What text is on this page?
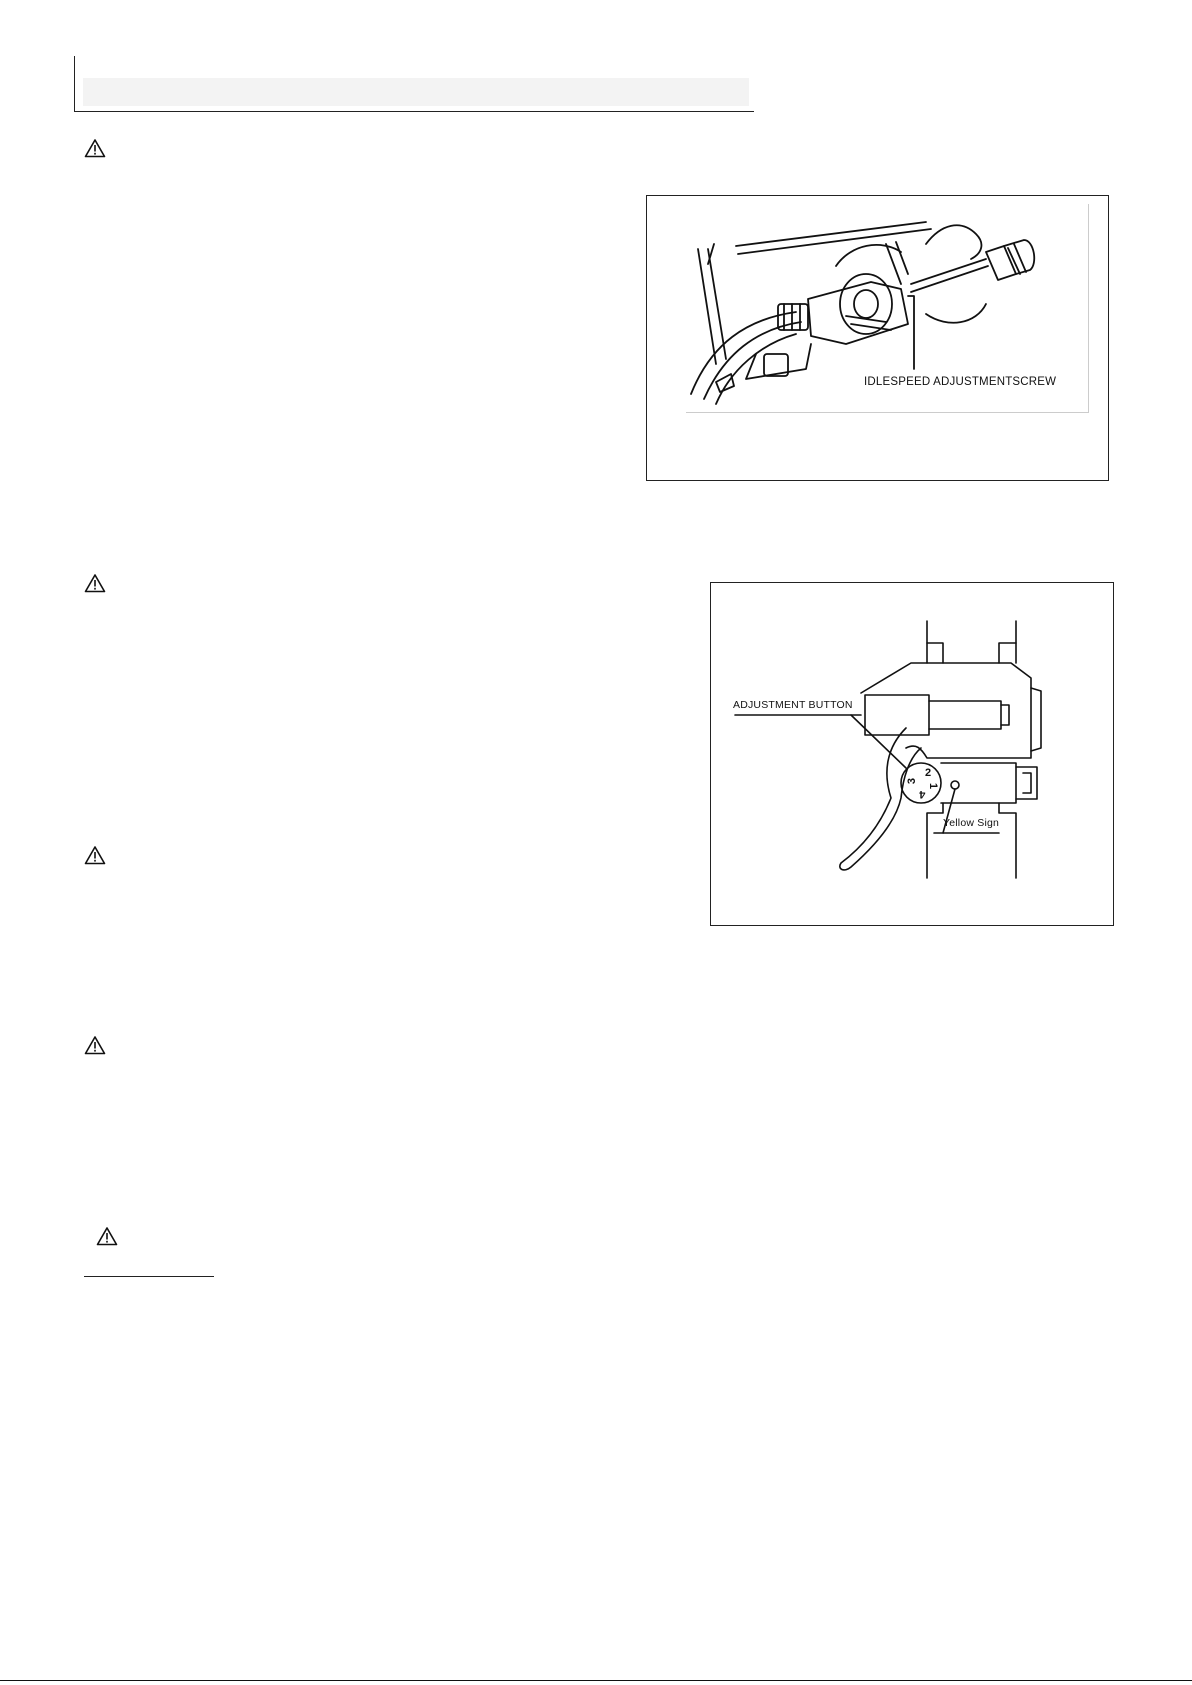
IDLESPEED ADJUSTMENTSCREW
ADJUSTMENT BUTTON
Yellow Sign
2
1
3
4
